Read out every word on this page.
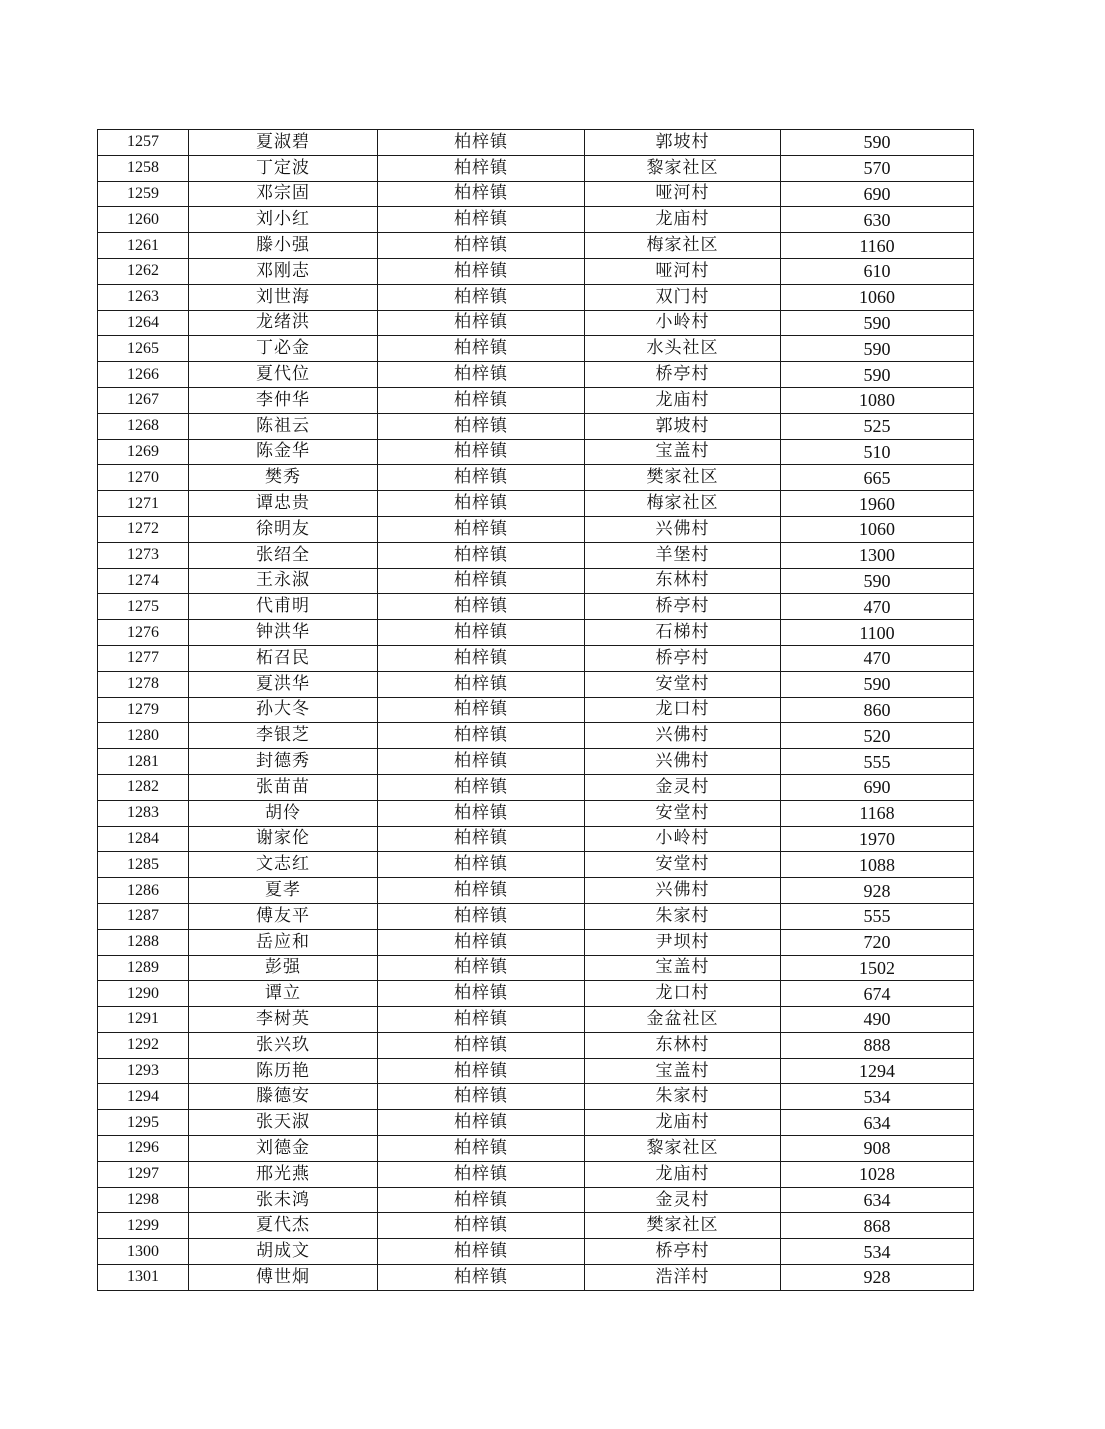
1257	夏淑碧	柏梓镇	郭坡村	590
1258	丁定波	柏梓镇	黎家社区	570
1259	邓宗固	柏梓镇	哑河村	690
1260	刘小红	柏梓镇	龙庙村	630
1261	滕小强	柏梓镇	梅家社区	1160
1262	邓刚志	柏梓镇	哑河村	610
1263	刘世海	柏梓镇	双门村	1060
1264	龙绪洪	柏梓镇	小岭村	590
1265	丁必金	柏梓镇	水头社区	590
1266	夏代位	柏梓镇	桥亭村	590
1267	李仲华	柏梓镇	龙庙村	1080
1268	陈祖云	柏梓镇	郭坡村	525
1269	陈金华	柏梓镇	宝盖村	510
1270	樊秀	柏梓镇	樊家社区	665
1271	谭忠贵	柏梓镇	梅家社区	1960
1272	徐明友	柏梓镇	兴佛村	1060
1273	张绍全	柏梓镇	羊堡村	1300
1274	王永淑	柏梓镇	东林村	590
1275	代甫明	柏梓镇	桥亭村	470
1276	钟洪华	柏梓镇	石梯村	1100
1277	柘召民	柏梓镇	桥亭村	470
1278	夏洪华	柏梓镇	安堂村	590
1279	孙大冬	柏梓镇	龙口村	860
1280	李银芝	柏梓镇	兴佛村	520
1281	封德秀	柏梓镇	兴佛村	555
1282	张苗苗	柏梓镇	金灵村	690
1283	胡伶	柏梓镇	安堂村	1168
1284	谢家伦	柏梓镇	小岭村	1970
1285	文志红	柏梓镇	安堂村	1088
1286	夏孝	柏梓镇	兴佛村	928
1287	傅友平	柏梓镇	朱家村	555
1288	岳应和	柏梓镇	尹坝村	720
1289	彭强	柏梓镇	宝盖村	1502
1290	谭立	柏梓镇	龙口村	674
1291	李树英	柏梓镇	金盆社区	490
1292	张兴玖	柏梓镇	东林村	888
1293	陈历艳	柏梓镇	宝盖村	1294
1294	滕德安	柏梓镇	朱家村	534
1295	张天淑	柏梓镇	龙庙村	634
1296	刘德金	柏梓镇	黎家社区	908
1297	邢光燕	柏梓镇	龙庙村	1028
1298	张未鸿	柏梓镇	金灵村	634
1299	夏代杰	柏梓镇	樊家社区	868
1300	胡成文	柏梓镇	桥亭村	534
1301	傅世炯	柏梓镇	浩洋村	928
